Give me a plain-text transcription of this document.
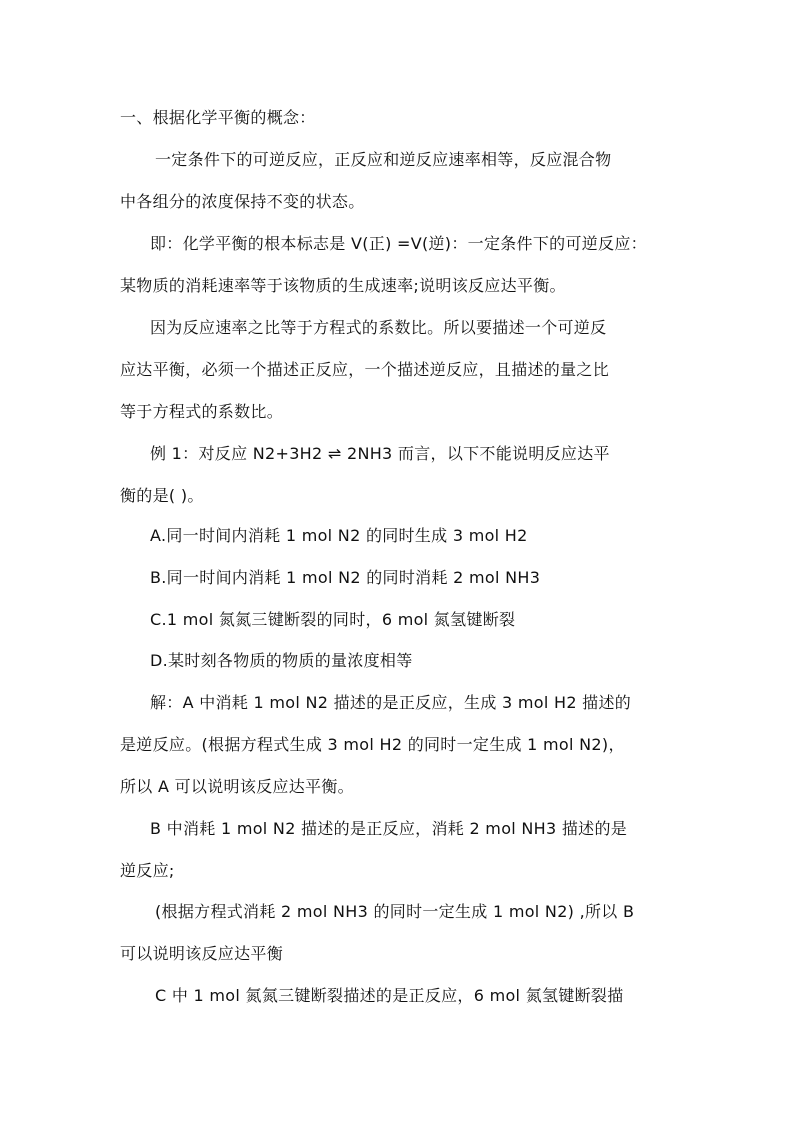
一、根据化学平衡的概念：
一定条件下的可逆反应，正反应和逆反应速率相等，反应混合物
中各组分的浓度保持不变的状态。
即：化学平衡的根本标志是 V(正) =V(逆)：一定条件下的可逆反应：
某物质的消耗速率等于该物质的生成速率;说明该反应达平衡。
因为反应速率之比等于方程式的系数比。所以要描述一个可逆反
应达平衡，必须一个描述正反应，一个描述逆反应，且描述的量之比
等于方程式的系数比。
例 1：对反应 N2+3H2 ⇌ 2NH3 而言，以下不能说明反应达平
衡的是( )。
A.同一时间内消耗 1 mol N2 的同时生成 3 mol H2
B.同一时间内消耗 1 mol N2 的同时消耗 2 mol NH3
C.1 mol 氮氮三键断裂的同时，6 mol 氮氢键断裂
D.某时刻各物质的物质的量浓度相等
解：A 中消耗 1 mol N2 描述的是正反应，生成 3 mol H2 描述的
是逆反应。(根据方程式生成 3 mol H2 的同时一定生成 1 mol N2)，
所以 A 可以说明该反应达平衡。
B 中消耗 1 mol N2 描述的是正反应，消耗 2 mol NH3 描述的是
逆反应;
(根据方程式消耗 2 mol NH3 的同时一定生成 1 mol N2) ,所以 B
可以说明该反应达平衡
C 中 1 mol 氮氮三键断裂描述的是正反应，6 mol 氮氢键断裂描
